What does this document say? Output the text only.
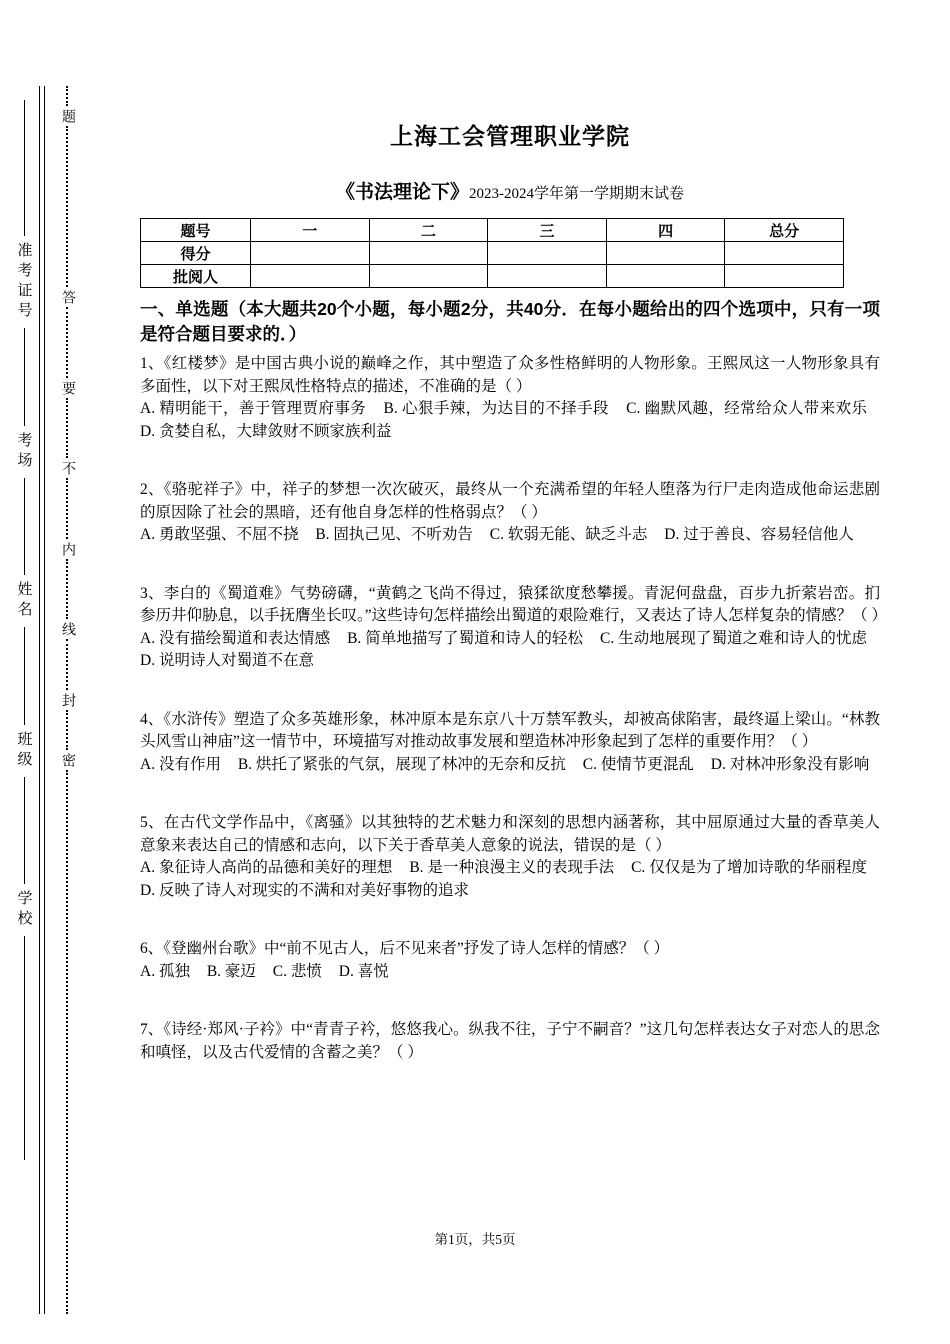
准考证号
考场
姓名
班级
学校
题
答
要
不
内
线
封
密
上海工会管理职业学院
《书法理论下》2023-2024学年第一学期期末试卷
题号	一	二	三	四	总分
得分					
批阅人					
一、单选题（本大题共20个小题，每小题2分，共40分．在每小题给出的四个选项中，只有一项是符合题目要求的．）

1、《红楼梦》是中国古典小说的巅峰之作，其中塑造了众多性格鲜明的人物形象。王熙凤这一人物形象具有多面性，以下对王熙凤性格特点的描述，不准确的是（ ）

A. 精明能干，善于管理贾府事务 B. 心狠手辣，为达目的不择手段 C. 幽默风趣，经常给众人带来欢乐 D. 贪婪自私，大肆敛财不顾家族利益

2、《骆驼祥子》中，祥子的梦想一次次破灭，最终从一个充满希望的年轻人堕落为行尸走肉造成他命运悲剧的原因除了社会的黑暗，还有他自身怎样的性格弱点？（ ）

A. 勇敢坚强、不屈不挠 B. 固执己见、不听劝告 C. 软弱无能、缺乏斗志 D. 过于善良、容易轻信他人

3、李白的《蜀道难》气势磅礴，“黄鹤之飞尚不得过，猿猱欲度愁攀援。青泥何盘盘，百步九折萦岩峦。扪参历井仰胁息，以手抚膺坐长叹。”这些诗句怎样描绘出蜀道的艰险难行，又表达了诗人怎样复杂的情感？（ ）

A. 没有描绘蜀道和表达情感 B. 简单地描写了蜀道和诗人的轻松 C. 生动地展现了蜀道之难和诗人的忧虑 D. 说明诗人对蜀道不在意

4、《水浒传》塑造了众多英雄形象，林冲原本是东京八十万禁军教头，却被高俅陷害，最终逼上梁山。“林教头风雪山神庙”这一情节中，环境描写对推动故事发展和塑造林冲形象起到了怎样的重要作用？（ ）

A. 没有作用 B. 烘托了紧张的气氛，展现了林冲的无奈和反抗 C. 使情节更混乱 D. 对林冲形象没有影响

5、在古代文学作品中，《离骚》以其独特的艺术魅力和深刻的思想内涵著称，其中屈原通过大量的香草美人意象来表达自己的情感和志向，以下关于香草美人意象的说法，错误的是（ ）

A. 象征诗人高尚的品德和美好的理想 B. 是一种浪漫主义的表现手法 C. 仅仅是为了增加诗歌的华丽程度 D. 反映了诗人对现实的不满和对美好事物的追求

6、《登幽州台歌》中“前不见古人，后不见来者”抒发了诗人怎样的情感？（ ）

A. 孤独 B. 豪迈 C. 悲愤 D. 喜悦

7、《诗经·郑风·子衿》中“青青子衿，悠悠我心。纵我不往，子宁不嗣音？”这几句怎样表达女子对恋人的思念和嗔怪，以及古代爱情的含蓄之美？（ ）

第1页，共5页
